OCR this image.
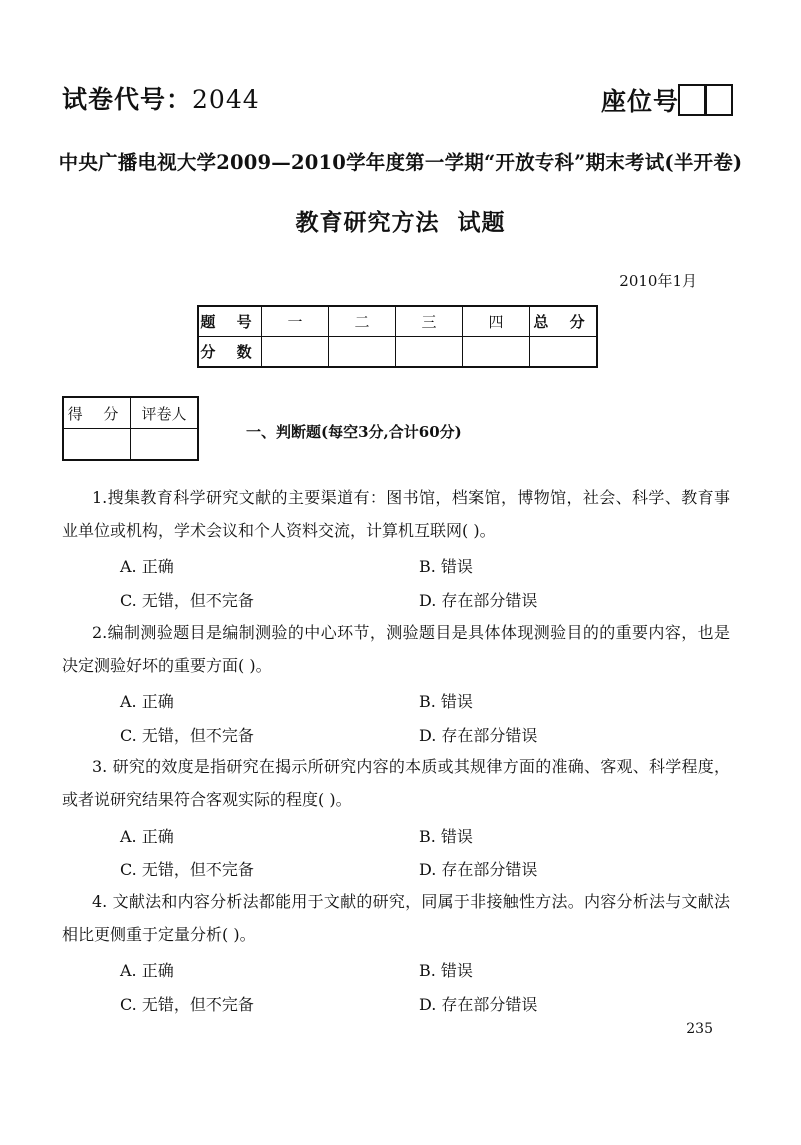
试卷代号：2044	座位号
中央广播电视大学2009—2010学年度第一学期“开放专科”期末考试(半开卷)
教育研究方法  试题
2010年1月
题 号	一	二	三	四	总 分
分 数					
得 分	评卷人

一、判断题(每空3分,合计60分)
1.搜集教育科学研究文献的主要渠道有：图书馆，档案馆，博物馆，社会、科学、教育事业单位或机构，学术会议和个人资料交流，计算机互联网( )。
A. 正确	B. 错误
C. 无错，但不完备	D. 存在部分错误
2.编制测验题目是编制测验的中心环节，测验题目是具体体现测验目的的重要内容，也是决定测验好坏的重要方面( )。
A. 正确	B. 错误
C. 无错，但不完备	D. 存在部分错误
3. 研究的效度是指研究在揭示所研究内容的本质或其规律方面的准确、客观、科学程度，或者说研究结果符合客观实际的程度( )。
A. 正确	B. 错误
C. 无错，但不完备	D. 存在部分错误
4. 文献法和内容分析法都能用于文献的研究，同属于非接触性方法。内容分析法与文献法相比更侧重于定量分析( )。
A. 正确	B. 错误
C. 无错，但不完备	D. 存在部分错误
235
